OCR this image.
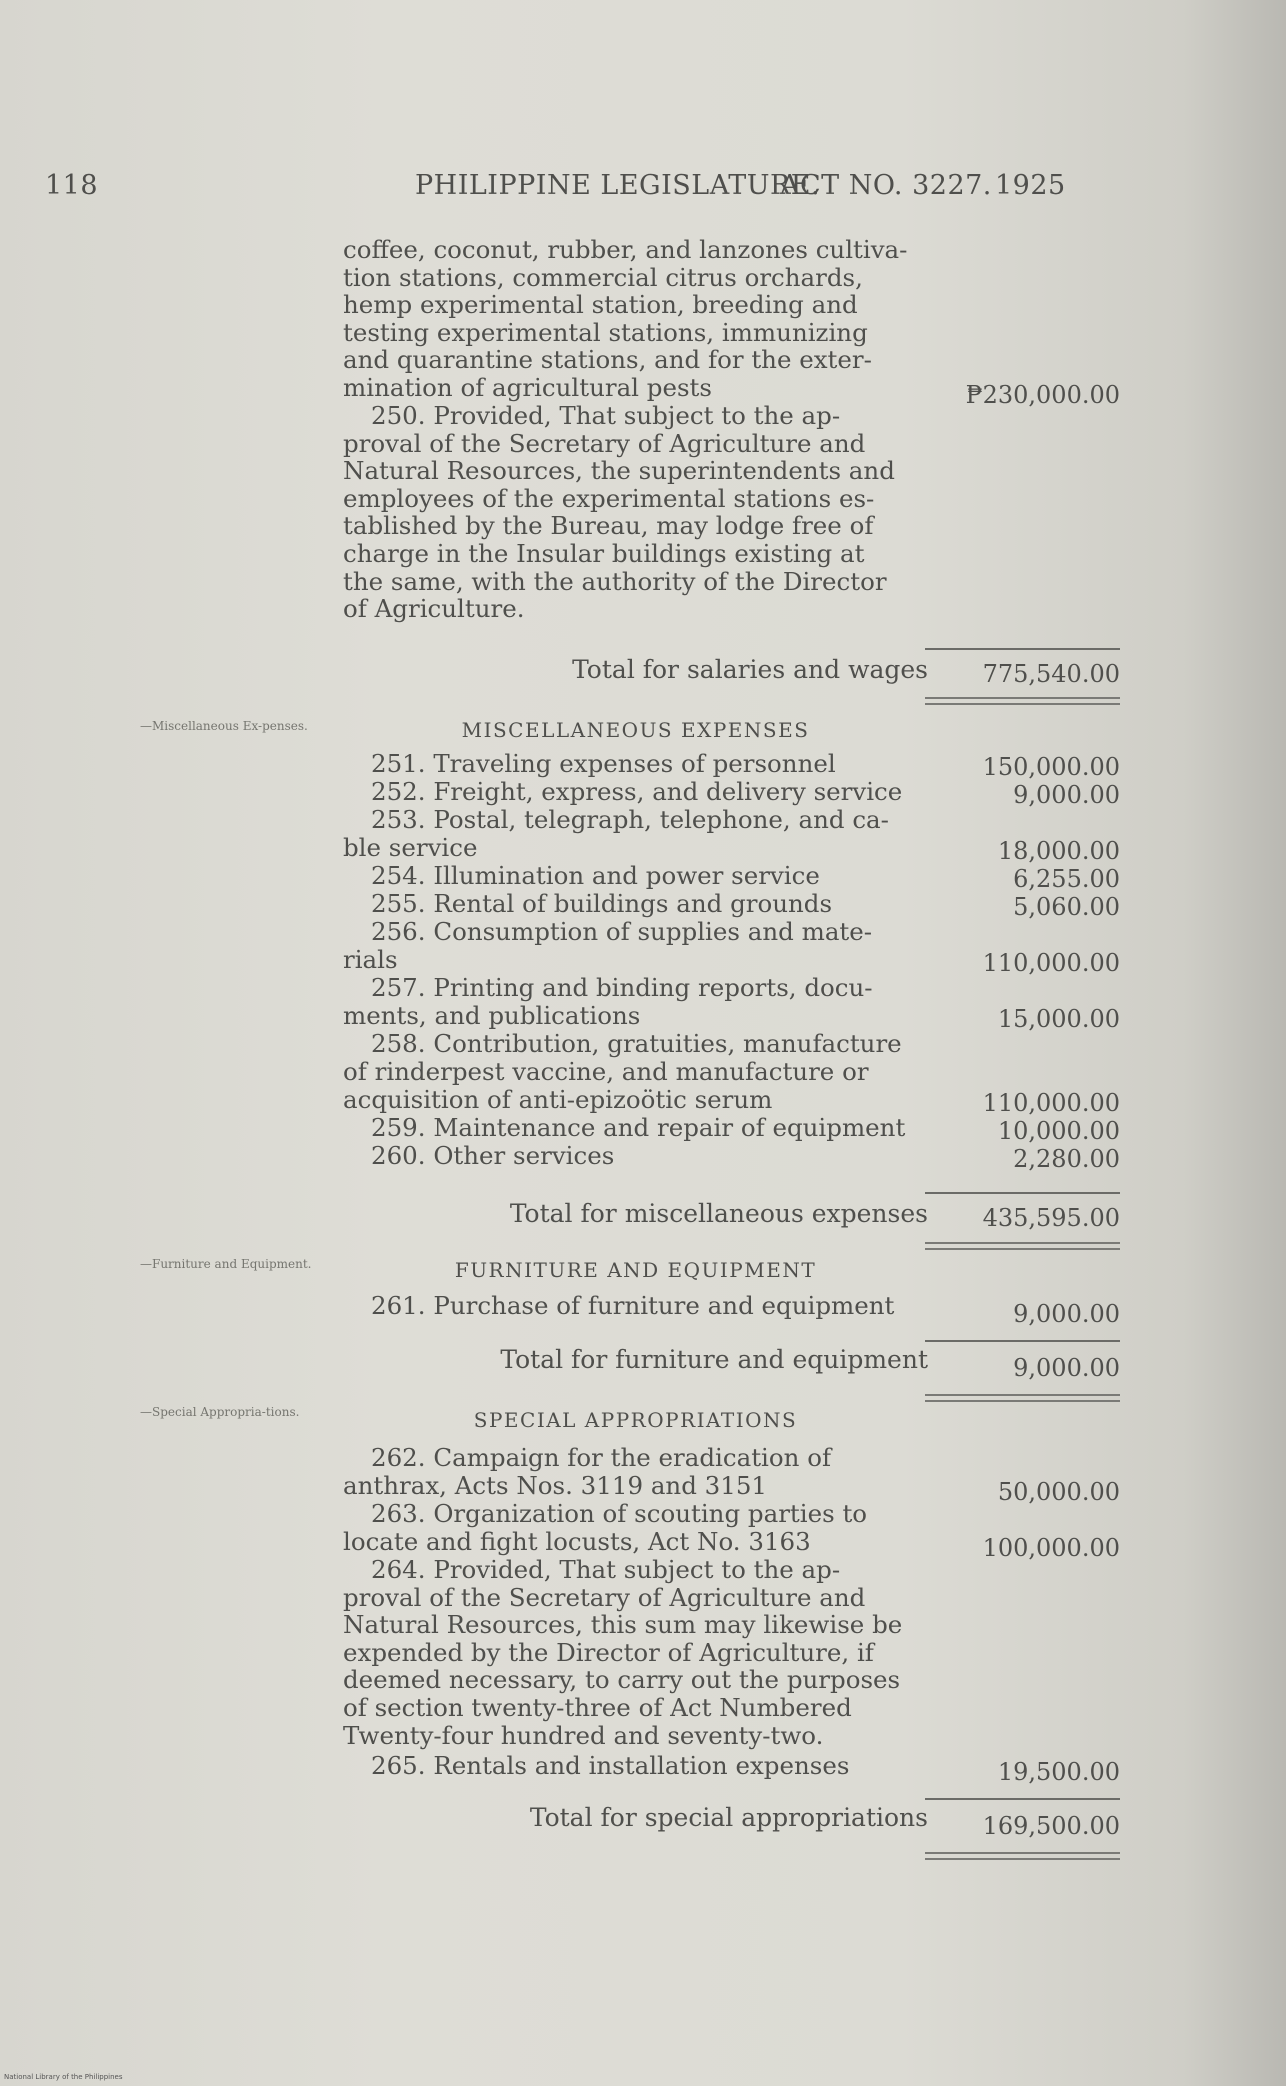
118	PHILIPPINE LEGISLATURE.
ACT NO. 3227. 1925
coffee, coconut, rubber, and lanzones cultiva-
tion stations, commercial citrus orchards,
hemp experimental station, breeding and
testing experimental stations, immunizing
and quarantine stations, and for the exter-
mination of agricultural pests	₱230,000.00
250. Provided, That subject to the ap-
proval of the Secretary of Agriculture and
Natural Resources, the superintendents and
employees of the experimental stations es-
tablished by the Bureau, may lodge free of
charge in the Insular buildings existing at
the same, with the authority of the Director
of Agriculture.
Total for salaries and wages	775,540.00
—Miscellaneous Ex-penses.	MISCELLANEOUS EXPENSES
251. Traveling expenses of personnel	150,000.00
252. Freight, express, and delivery service	9,000.00
253. Postal, telegraph, telephone, and ca-
ble service	18,000.00
254. Illumination and power service	6,255.00
255. Rental of buildings and grounds	5,060.00
256. Consumption of supplies and mate-
rials	110,000.00
257. Printing and binding reports, docu-
ments, and publications	15,000.00
258. Contribution, gratuities, manufacture
of rinderpest vaccine, and manufacture or
acquisition of anti-epizoötic serum	110,000.00
259. Maintenance and repair of equipment	10,000.00
260. Other services	2,280.00
Total for miscellaneous expenses	435,595.00
—Furniture and Equipment.	FURNITURE AND EQUIPMENT
261. Purchase of furniture and equipment	9,000.00
Total for furniture and equipment	9,000.00
—Special Appropria-tions.	SPECIAL APPROPRIATIONS
262. Campaign for the eradication of
anthrax, Acts Nos. 3119 and 3151	50,000.00
263. Organization of scouting parties to
locate and fight locusts, Act No. 3163	100,000.00
264. Provided, That subject to the ap-
proval of the Secretary of Agriculture and
Natural Resources, this sum may likewise be
expended by the Director of Agriculture, if
deemed necessary, to carry out the purposes
of section twenty-three of Act Numbered
Twenty-four hundred and seventy-two.
265. Rentals and installation expenses	19,500.00
Total for special appropriations	169,500.00
National Library of the Philippines
